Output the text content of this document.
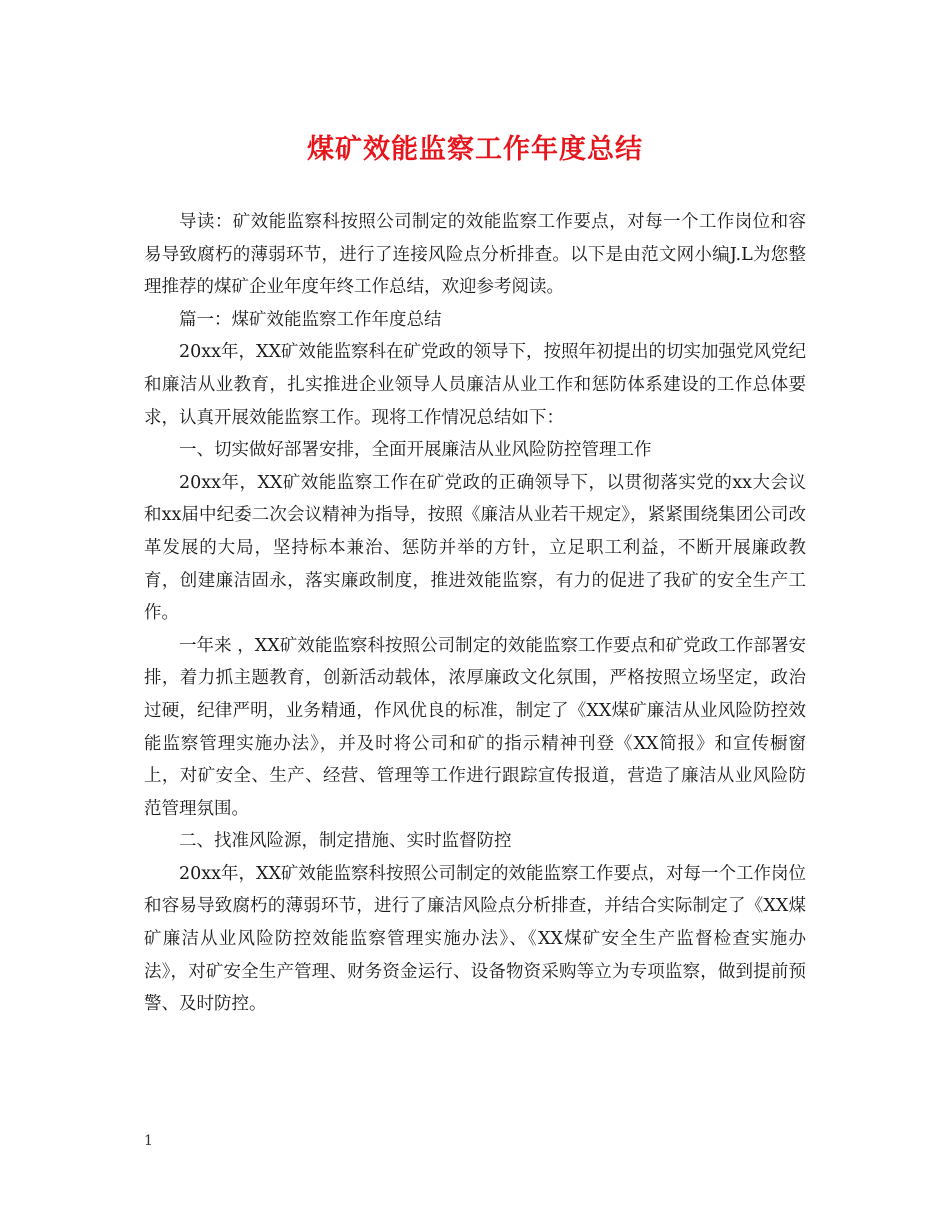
煤矿效能监察工作年度总结

导读：矿效能监察科按照公司制定的效能监察工作要点，对每一个工作岗位和容易导致腐朽的薄弱环节，进行了连接风险点分析排查。以下是由范文网小编J.L为您整理推荐的煤矿企业年度年终工作总结，欢迎参考阅读。

篇一：煤矿效能监察工作年度总结

20xx年，XX矿效能监察科在矿党政的领导下，按照年初提出的切实加强党风党纪和廉洁从业教育，扎实推进企业领导人员廉洁从业工作和惩防体系建设的工作总体要求，认真开展效能监察工作。现将工作情况总结如下：

一、切实做好部署安排，全面开展廉洁从业风险防控管理工作

20xx年，XX矿效能监察工作在矿党政的正确领导下，以贯彻落实党的xx大会议和xx届中纪委二次会议精神为指导，按照《廉洁从业若干规定》，紧紧围绕集团公司改革发展的大局，坚持标本兼治、惩防并举的方针，立足职工利益，不断开展廉政教育，创建廉洁固永，落实廉政制度，推进效能监察，有力的促进了我矿的安全生产工作。

一年来 ，XX矿效能监察科按照公司制定的效能监察工作要点和矿党政工作部署安排，着力抓主题教育，创新活动载体，浓厚廉政文化氛围，严格按照立场坚定，政治过硬，纪律严明，业务精通，作风优良的标准，制定了《XX煤矿廉洁从业风险防控效能监察管理实施办法》，并及时将公司和矿的指示精神刊登《XX简报》和宣传橱窗上，对矿安全、生产、经营、管理等工作进行跟踪宣传报道，营造了廉洁从业风险防范管理氛围。

二、找准风险源，制定措施、实时监督防控

20xx年，XX矿效能监察科按照公司制定的效能监察工作要点，对每一个工作岗位和容易导致腐朽的薄弱环节，进行了廉洁风险点分析排查，并结合实际制定了《XX煤矿廉洁从业风险防控效能监察管理实施办法》、《XX煤矿安全生产监督检查实施办法》，对矿安全生产管理、财务资金运行、设备物资采购等立为专项监察，做到提前预警、及时防控。

1
